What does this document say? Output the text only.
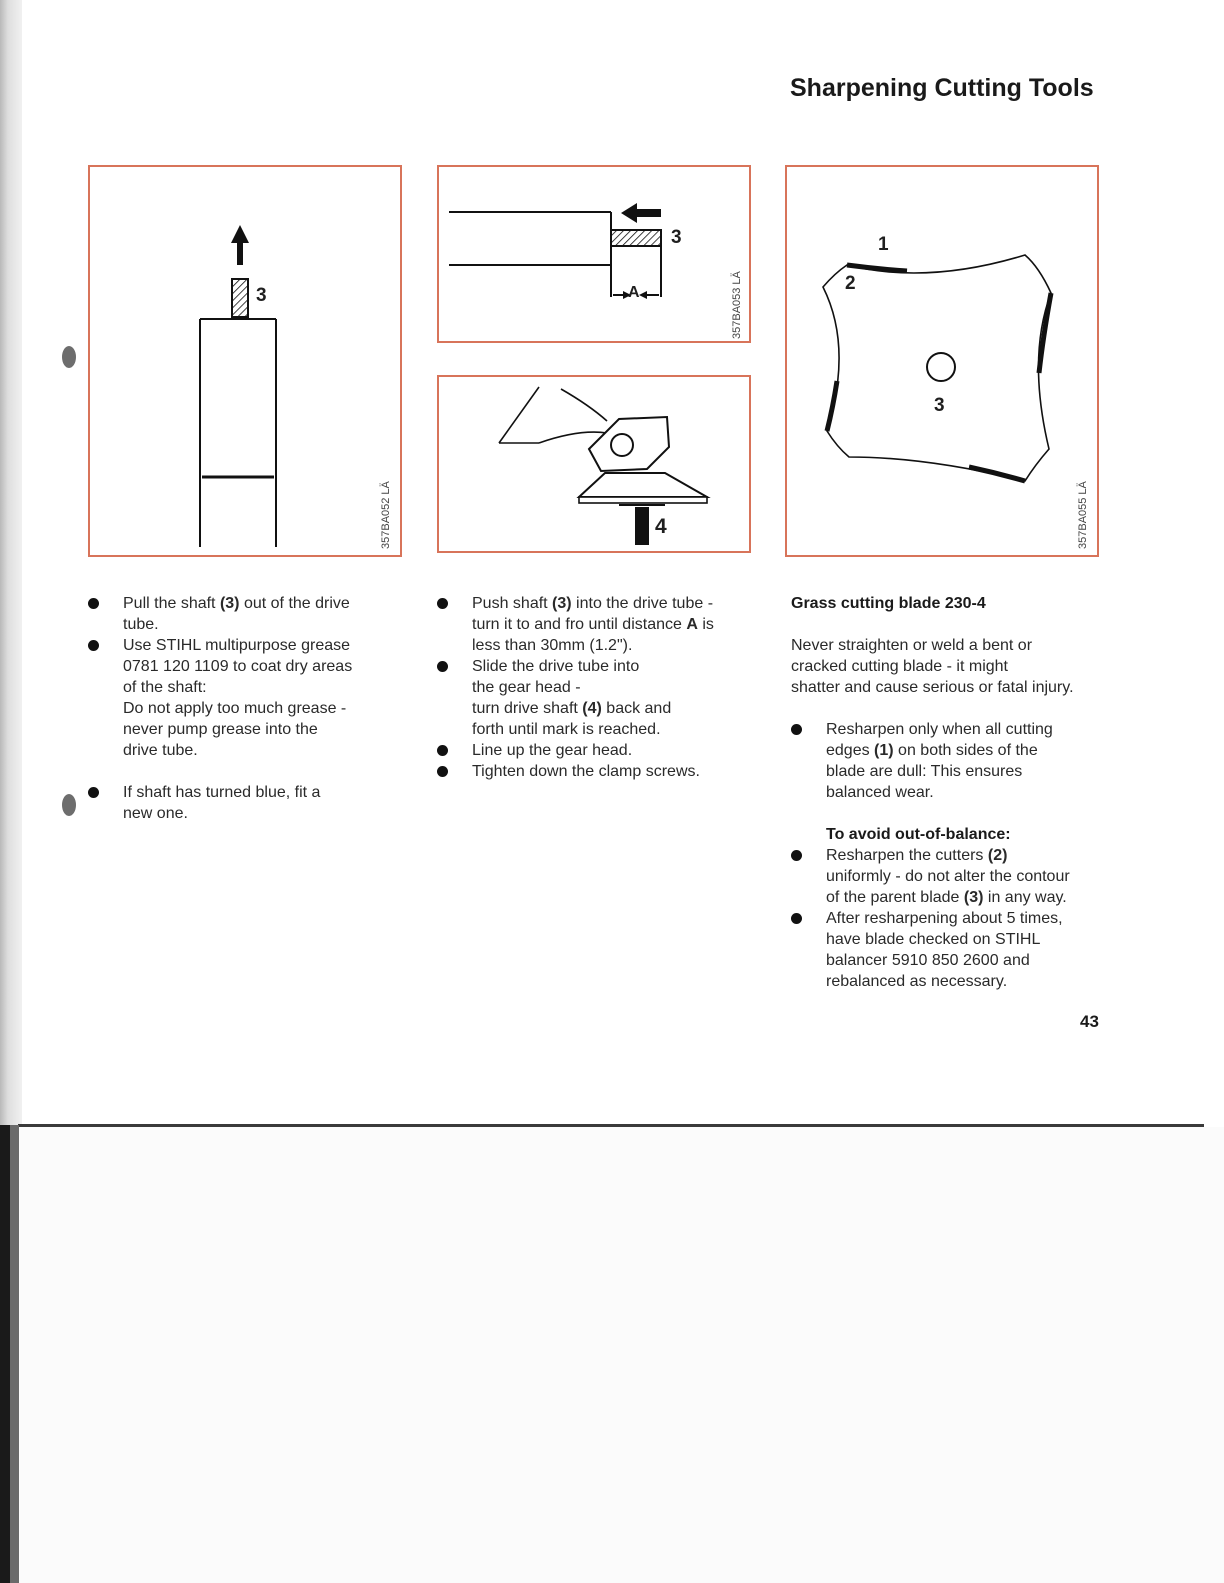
Sharpening Cutting Tools
3
357BA052 LÄ
A
3
357BA053 LÄ
4
1
2
3
357BA055 LÄ
Pull the shaft (3) out of the drive
tube.
Use STIHL multipurpose grease
0781 120 1109 to coat dry areas
of the shaft:
Do not apply too much grease -
never pump grease into the
drive tube.
If shaft has turned blue, fit a
new one.
Push shaft (3) into the drive tube -
turn it to and fro until distance A is
less than 30mm (1.2").
Slide the drive tube into
the gear head -
turn drive shaft (4) back and
forth until mark is reached.
Line up the gear head.
Tighten down the clamp screws.
Grass cutting blade 230-4
Never straighten or weld a bent or
cracked cutting blade - it might
shatter and cause serious or fatal injury.
Resharpen only when all cutting
edges (1) on both sides of the
blade are dull: This ensures
balanced wear.
To avoid out-of-balance:
Resharpen the cutters (2)
uniformly - do not alter the contour
of the parent blade (3) in any way.
After resharpening about 5 times,
have blade checked on STIHL
balancer 5910 850 2600 and
rebalanced as necessary.
43
